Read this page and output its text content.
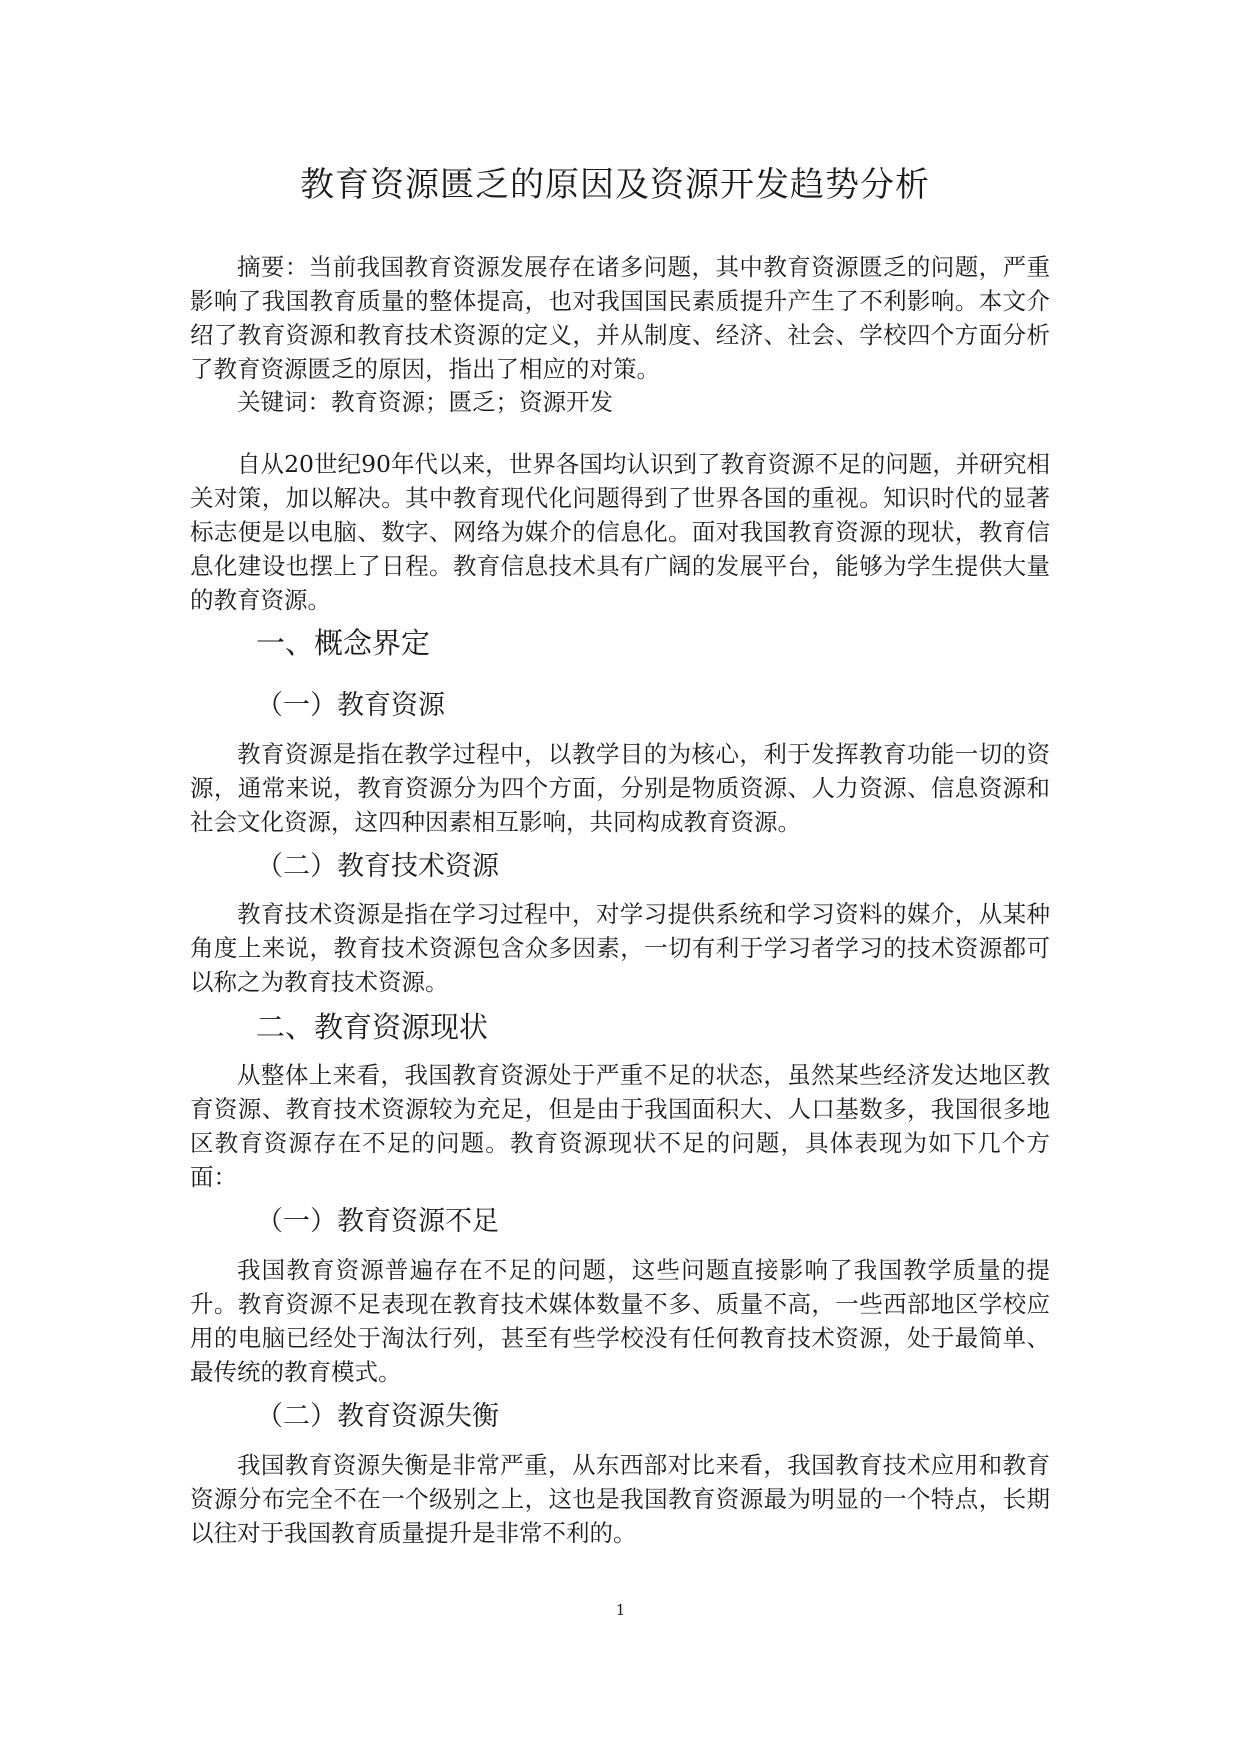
教育资源匮乏的原因及资源开发趋势分析

摘要：当前我国教育资源发展存在诸多问题，其中教育资源匮乏的问题，严重影响了我国教育质量的整体提高，也对我国国民素质提升产生了不利影响。本文介绍了教育资源和教育技术资源的定义，并从制度、经济、社会、学校四个方面分析了教育资源匮乏的原因，指出了相应的对策。

关键词：教育资源；匮乏；资源开发

自从20世纪90年代以来，世界各国均认识到了教育资源不足的问题，并研究相关对策，加以解决。其中教育现代化问题得到了世界各国的重视。知识时代的显著标志便是以电脑、数字、网络为媒介的信息化。面对我国教育资源的现状，教育信息化建设也摆上了日程。教育信息技术具有广阔的发展平台，能够为学生提供大量的教育资源。

一、概念界定
（一）教育资源

教育资源是指在教学过程中，以教学目的为核心，利于发挥教育功能一切的资源，通常来说，教育资源分为四个方面，分别是物质资源、人力资源、信息资源和社会文化资源，这四种因素相互影响，共同构成教育资源。

（二）教育技术资源

教育技术资源是指在学习过程中，对学习提供系统和学习资料的媒介，从某种角度上来说，教育技术资源包含众多因素，一切有利于学习者学习的技术资源都可以称之为教育技术资源。

二、教育资源现状

从整体上来看，我国教育资源处于严重不足的状态，虽然某些经济发达地区教育资源、教育技术资源较为充足，但是由于我国面积大、人口基数多，我国很多地区教育资源存在不足的问题。教育资源现状不足的问题，具体表现为如下几个方面：

（一）教育资源不足

我国教育资源普遍存在不足的问题，这些问题直接影响了我国教学质量的提升。教育资源不足表现在教育技术媒体数量不多、质量不高，一些西部地区学校应用的电脑已经处于淘汰行列，甚至有些学校没有任何教育技术资源，处于最简单、最传统的教育模式。

（二）教育资源失衡

我国教育资源失衡是非常严重，从东西部对比来看，我国教育技术应用和教育资源分布完全不在一个级别之上，这也是我国教育资源最为明显的一个特点，长期以往对于我国教育质量提升是非常不利的。

1
